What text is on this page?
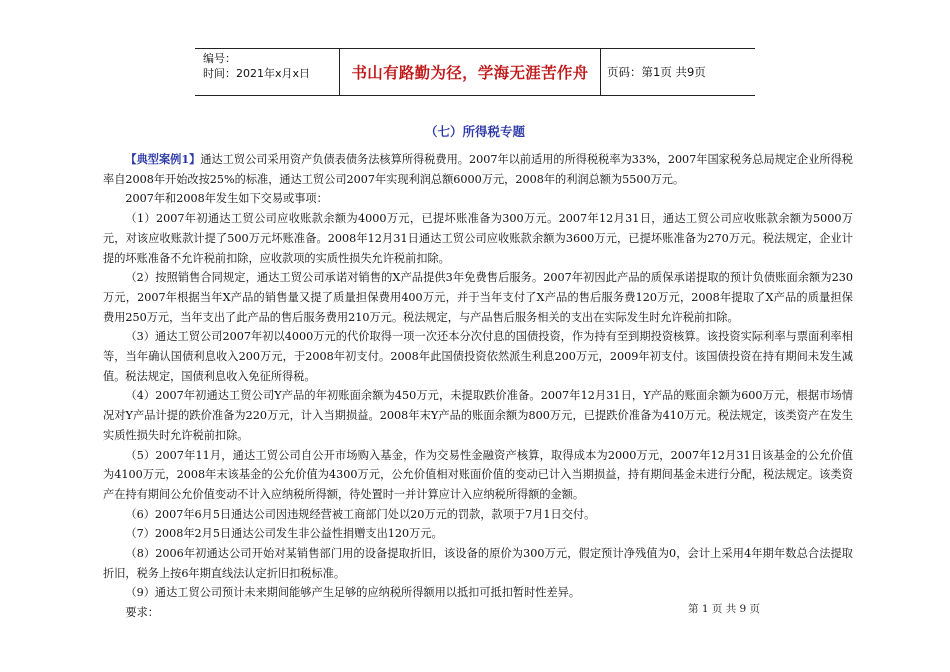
编号：
时间：2021年x月x日	书山有路勤为径，学海无涯苦作舟	页码：第1页 共9页
（七）所得税专题

【典型案例1】通达工贸公司采用资产负债表债务法核算所得税费用。2007年以前适用的所得税税率为33%，2007年国家税务总局规定企业所得税率自2008年开始改按25%的标准，通达工贸公司2007年实现利润总额6000万元，2008年的利润总额为5500万元。

2007年和2008年发生如下交易或事项：

（1）2007年初通达工贸公司应收账款余额为4000万元，已提坏账准备为300万元。2007年12月31日，通达工贸公司应收账款余额为5000万元，对该应收账款计提了500万元坏账准备。2008年12月31日通达工贸公司应收账款余额为3600万元，已提坏账准备为270万元。税法规定，企业计提的坏账准备不允许税前扣除，应收款项的实质性损失允许税前扣除。

（2）按照销售合同规定，通达工贸公司承诺对销售的X产品提供3年免费售后服务。2007年初因此产品的质保承诺提取的预计负债账面余额为230万元，2007年根据当年X产品的销售量又提了质量担保费用400万元，并于当年支付了X产品的售后服务费120万元，2008年提取了X产品的质量担保费用250万元，当年支出了此产品的售后服务费用210万元。税法规定，与产品售后服务相关的支出在实际发生时允许税前扣除。

（3）通达工贸公司2007年初以4000万元的代价取得一项一次还本分次付息的国债投资，作为持有至到期投资核算。该投资实际利率与票面利率相等，当年确认国债利息收入200万元，于2008年初支付。2008年此国债投资依然派生利息200万元，2009年初支付。该国债投资在持有期间未发生减值。税法规定，国债利息收入免征所得税。

（4）2007年初通达工贸公司Y产品的年初账面余额为450万元，未提取跌价准备。2007年12月31日，Y产品的账面余额为600万元，根据市场情况对Y产品计提的跌价准备为220万元，计入当期损益。2008年末Y产品的账面余额为800万元，已提跌价准备为410万元。税法规定，该类资产在发生实质性损失时允许税前扣除。

（5）2007年11月，通达工贸公司自公开市场购入基金，作为交易性金融资产核算，取得成本为2000万元，2007年12月31日该基金的公允价值为4100万元，2008年末该基金的公允价值为4300万元，公允价值相对账面价值的变动已计入当期损益，持有期间基金未进行分配，税法规定。该类资产在持有期间公允价值变动不计入应纳税所得额，待处置时一并计算应计入应纳税所得额的金额。

（6）2007年6月5日通达公司因违规经营被工商部门处以20万元的罚款，款项于7月1日交付。

（7）2008年2月5日通达公司发生非公益性捐赠支出120万元。

（8）2006年初通达公司开始对某销售部门用的设备提取折旧，该设备的原价为300万元，假定预计净残值为0，会计上采用4年期年数总合法提取折旧，税务上按6年期直线法认定折旧扣税标准。

（9）通达工贸公司预计未来期间能够产生足够的应纳税所得额用以抵扣可抵扣暂时性差异。

要求：	第 1 页 共 9 页
